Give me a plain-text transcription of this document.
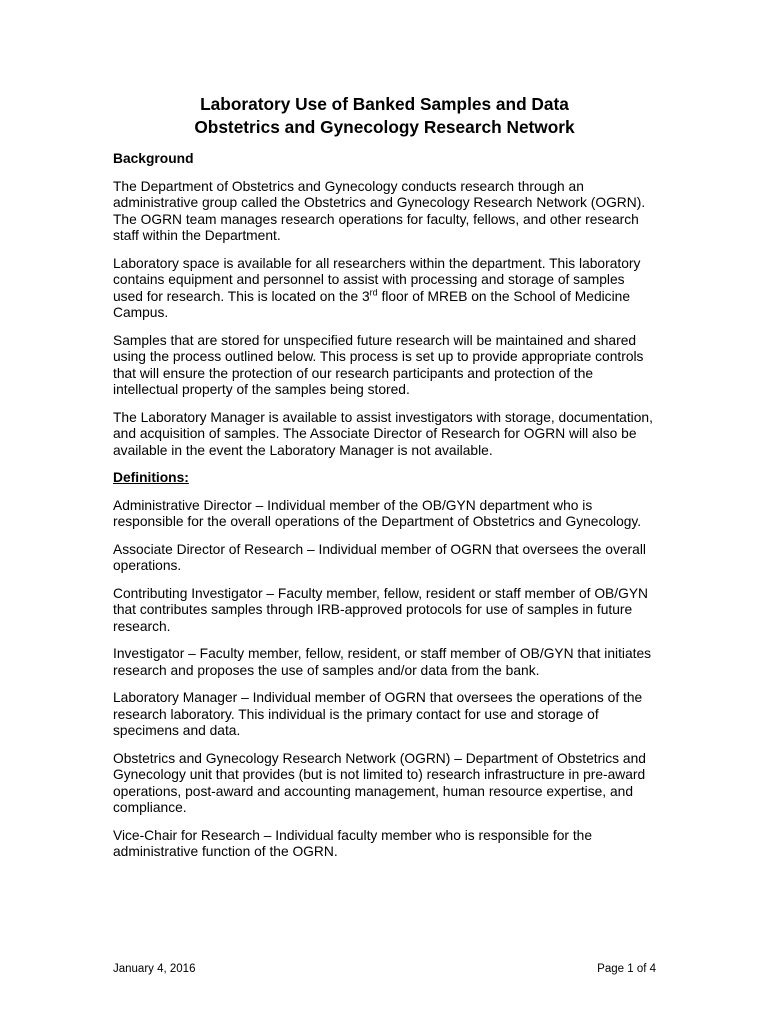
Laboratory Use of Banked Samples and Data
Obstetrics and Gynecology Research Network

Background

The Department of Obstetrics and Gynecology conducts research through an administrative group called the Obstetrics and Gynecology Research Network (OGRN). The OGRN team manages research operations for faculty, fellows, and other research staff within the Department.

Laboratory space is available for all researchers within the department. This laboratory contains equipment and personnel to assist with processing and storage of samples used for research. This is located on the 3rd floor of MREB on the School of Medicine Campus.

Samples that are stored for unspecified future research will be maintained and shared using the process outlined below. This process is set up to provide appropriate controls that will ensure the protection of our research participants and protection of the intellectual property of the samples being stored.

The Laboratory Manager is available to assist investigators with storage, documentation, and acquisition of samples. The Associate Director of Research for OGRN will also be available in the event the Laboratory Manager is not available.

Definitions:

Administrative Director – Individual member of the OB/GYN department who is responsible for the overall operations of the Department of Obstetrics and Gynecology.

Associate Director of Research – Individual member of OGRN that oversees the overall operations.

Contributing Investigator – Faculty member, fellow, resident or staff member of OB/GYN that contributes samples through IRB-approved protocols for use of samples in future research.

Investigator – Faculty member, fellow, resident, or staff member of OB/GYN that initiates research and proposes the use of samples and/or data from the bank.

Laboratory Manager – Individual member of OGRN that oversees the operations of the research laboratory. This individual is the primary contact for use and storage of specimens and data.

Obstetrics and Gynecology Research Network (OGRN) – Department of Obstetrics and Gynecology unit that provides (but is not limited to) research infrastructure in pre-award operations, post-award and accounting management, human resource expertise, and compliance.

Vice-Chair for Research – Individual faculty member who is responsible for the administrative function of the OGRN.

January 4, 2016	Page 1 of 4
